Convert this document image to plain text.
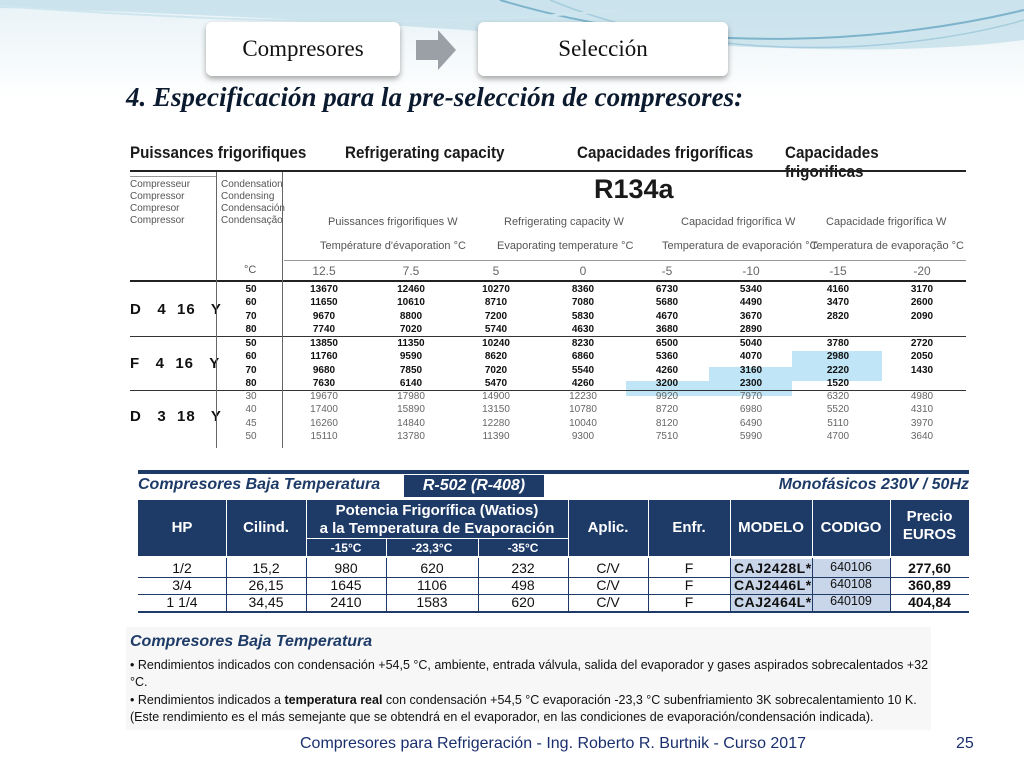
Compresores	Selección
4. Especificación para la pre-selección de compresores:
Puissances frigorifiques Refrigerating capacity	Capacidades frigoríficas Capacidades frigorificas
Compresseur
Compressor
Compresor
Compressor
Condensation
Condensing
Condensación
Condensação
R134a
Puissances frigorifiques W	Refrigerating capacity W	Capacidad frigorífica W	Capacidade frigorífica W
Température d'évaporation °C	Evaporating temperature °C	Temperatura de evaporación °C
Temperatura de evaporação °C
°C	12.5	7.5	5	0	-5	-10	-15	-20
D   4  16   Y
50	13670	12460	10270	8360	6730	5340	4160	3170
60	11650	10610	8710	7080	5680	4490	3470	2600
70	9670	8800	7200	5830	4670	3670	2820	2090
80	7740	7020	5740	4630	3680	2890
F   4  16   Y
50	13850	11350	10240	8230	6500	5040	3780	2720
60	11760	9590	8620	6860	5360	4070	2980	2050
70	9680	7850	7020	5540	4260	3160	2220	1430
80	7630	6140	5470	4260	3200	2300	1520
D   3  18   Y
30	19670	17980	14900	12230	9920	7970	6320	4980
40	17400	15890	13150	10780	8720	6980	5520	4310
45	16260	14840	12280	10040	8120	6490	5110	3970
50	15110	13780	11390	9300	7510	5990	4700	3640
Compresores Baja Temperatura	R-502 (R-408)	Monofásicos 230V / 50Hz
HP	Cilind.
Potencia Frigorífica (Watios)
a la Temperatura de Evaporación
-15°C	-23,3°C	-35°C
Aplic.	Enfr.	MODELO	CODIGO
Precio
EUROS
1/2	15,2	980	620	232	C/V	F	CAJ2428L*	640106	277,60
3/4	26,15	1645	1106	498	C/V	F	CAJ2446L*	640108	360,89
1 1/4	34,45	2410	1583	620	C/V	F	CAJ2464L*	640109	404,84
Compresores Baja Temperatura
• Rendimientos indicados con condensación +54,5 °C, ambiente, entrada válvula, salida del evaporador y gases aspirados sobrecalentados +32 °C.
• Rendimientos indicados a temperatura real con condensación +54,5 °C evaporación -23,3 °C subenfriamiento 3K sobrecalentamiento 10 K. (Este rendimiento es el más semejante que se obtendrá en el evaporador, en las condiciones de evaporación/condensación indicada).
Compresores para Refrigeración - Ing. Roberto R. Burtnik - Curso 2017	25
